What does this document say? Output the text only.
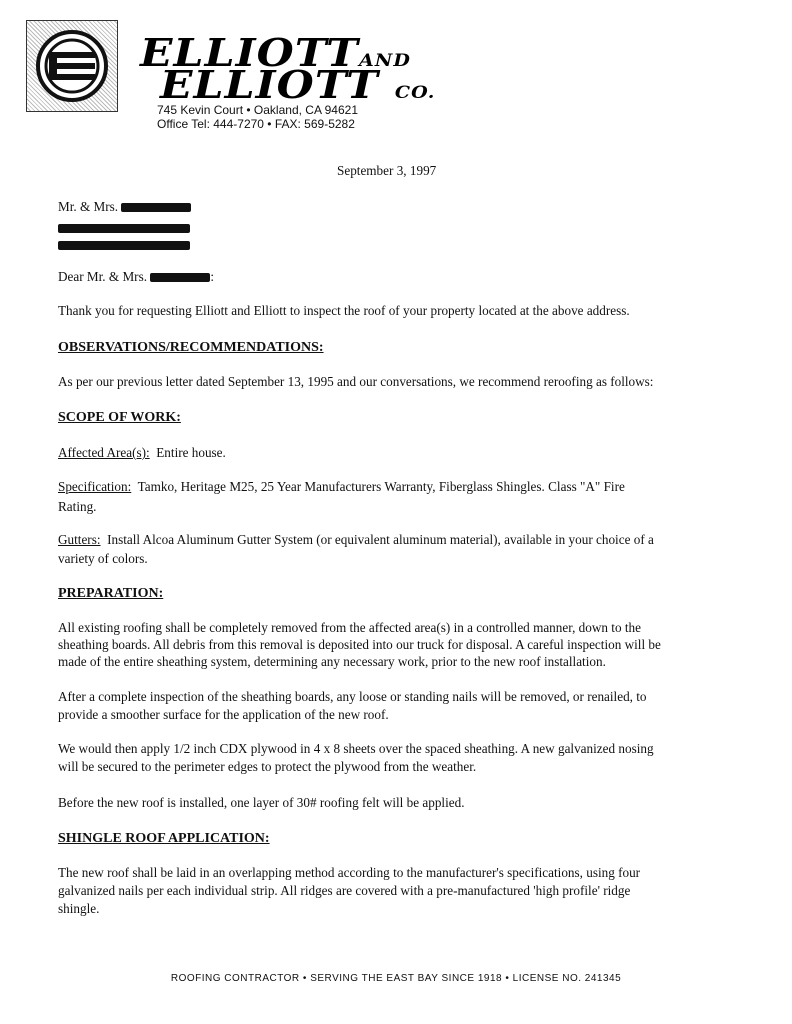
ELLIOTTAND
ELLIOTT CO.
745 Kevin Court • Oakland, CA 94621
Office Tel: 444-7270 • FAX: 569-5282
September 3, 1997
Mr. & Mrs.
Dear Mr. & Mrs.	:
Thank you for requesting Elliott and Elliott to inspect the roof of your property located at the above address.
OBSERVATIONS/RECOMMENDATIONS:
As per our previous letter dated September 13, 1995 and our conversations, we recommend reroofing as follows:
SCOPE OF WORK:
Affected Area(s): Entire house.
Specification: Tamko, Heritage M25, 25 Year Manufacturers Warranty, Fiberglass Shingles. Class "A" Fire
Rating.
Gutters: Install Alcoa Aluminum Gutter System (or equivalent aluminum material), available in your choice of a
variety of colors.
PREPARATION:
All existing roofing shall be completely removed from the affected area(s) in a controlled manner, down to the
sheathing boards. All debris from this removal is deposited into our truck for disposal. A careful inspection will be
made of the entire sheathing system, determining any necessary work, prior to the new roof installation.
After a complete inspection of the sheathing boards, any loose or standing nails will be removed, or renailed, to
provide a smoother surface for the application of the new roof.
We would then apply 1/2 inch CDX plywood in 4 x 8 sheets over the spaced sheathing. A new galvanized nosing
will be secured to the perimeter edges to protect the plywood from the weather.
Before the new roof is installed, one layer of 30# roofing felt will be applied.
SHINGLE ROOF APPLICATION:
The new roof shall be laid in an overlapping method according to the manufacturer's specifications, using four
galvanized nails per each individual strip. All ridges are covered with a pre-manufactured 'high profile' ridge
shingle.
ROOFING CONTRACTOR • SERVING THE EAST BAY SINCE 1918 • LICENSE NO. 241345
